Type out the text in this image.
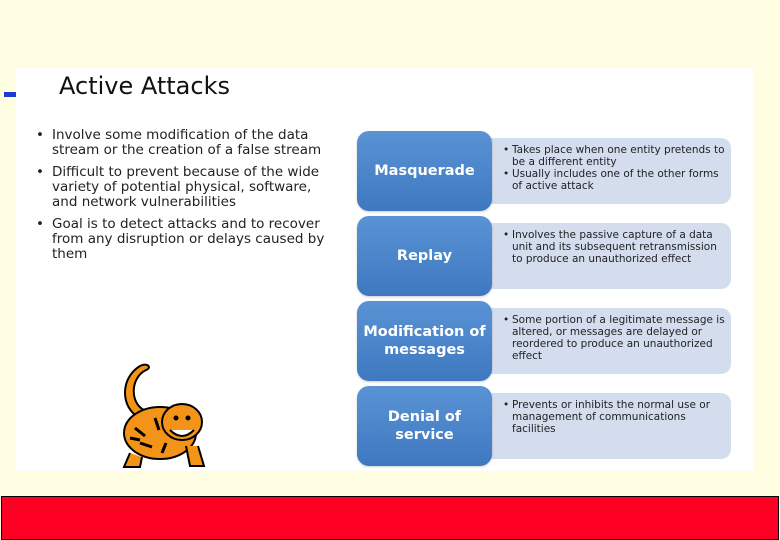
Active Attacks
• Involve some modification of the data stream or the creation of a false stream
• Difficult to prevent because of the wide variety of potential physical, software, and network vulnerabilities
• Goal is to detect attacks and to recover from any disruption or delays caused by them
Masquerade
• Takes place when one entity pretends to be a different entity
• Usually includes one of the other forms of active attack
Replay
• Involves the passive capture of a data unit and its subsequent retransmission to produce an unauthorized effect
Modification of messages
• Some portion of a legitimate message is altered, or messages are delayed or reordered to produce an unauthorized effect
Denial of service
• Prevents or inhibits the normal use or management of communications facilities
